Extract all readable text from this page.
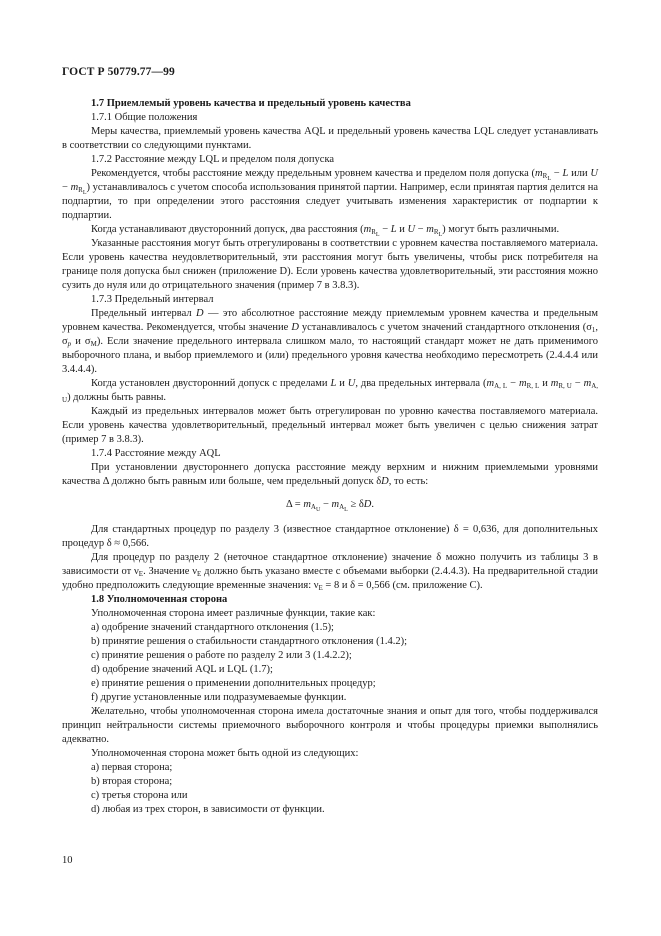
ГОСТ Р 50779.77—99

1.7 Приемлемый уровень качества и предельный уровень качества

1.7.1 Общие положения

Меры качества, приемлемый уровень качества AQL и предельный уровень качества LQL следует устанавливать в соответствии со следующими пунктами.

1.7.2 Расстояние между LQL и пределом поля допуска

Рекомендуется, чтобы расстояние между предельным уровнем качества и пределом поля допуска ($m_{R_L} - L$ или $U - m_{R_L}$) устанавливалось с учетом способа использования принятой партии. Например, если принятая партия делится на подпартии, то при определении этого расстояния следует учитывать изменения характеристик от подпартии к подпартии.

Когда устанавливают двусторонний допуск, два расстояния ($m_{R_L} - L$ и $U - m_{R_L}$) могут быть различными.

Указанные расстояния могут быть отрегулированы в соответствии с уровнем качества поставляемого материала. Если уровень качества неудовлетворительный, эти расстояния могут быть увеличены, чтобы риск потребителя на границе поля допуска был снижен (приложение D). Если уровень качества удовлетворительный, эти расстояния можно сузить до нуля или до отрицательного значения (пример 7 в 3.8.3).

1.7.3 Предельный интервал

Предельный интервал D — это абсолютное расстояние между приемлемым уровнем качества и предельным уровнем качества. Рекомендуется, чтобы значение D устанавливалось с учетом значений стандартного отклонения ($\sigma_1$, $\sigma_p$ и $\sigma_M$). Если значение предельного интервала слишком мало, то настоящий стандарт может не дать применимого выборочного плана, и выбор приемлемого и (или) предельного уровня качества необходимо пересмотреть (2.4.4.4 или 3.4.4.4).

Когда установлен двусторонний допуск с пределами L и U, два предельных интервала ($m_{A, L} - m_{R, L}$ и $m_{R, U} - m_{A, U}$) должны быть равны.

Каждый из предельных интервалов может быть отрегулирован по уровню качества поставляемого материала. Если уровень качества удовлетворительный, предельный интервал может быть увеличен с целью снижения затрат (пример 7 в 3.8.3).

1.7.4 Расстояние между AQL

При установлении двустороннего допуска расстояние между верхним и нижним приемлемыми уровнями качества Δ должно быть равным или больше, чем предельный допуск δD, то есть:

$\Delta = m_{A_U} - m_{A_L} \ge \delta D$.

Для стандартных процедур по разделу 3 (известное стандартное отклонение) δ = 0,636, для дополнительных процедур δ ≈ 0,566.

Для процедур по разделу 2 (неточное стандартное отклонение) значение δ можно получить из таблицы 3 в зависимости от $\nu_E$. Значение $\nu_E$ должно быть указано вместе с объемами выборки (2.4.4.3). На предварительной стадии удобно предположить следующие временные значения: $\nu_E = 8$ и δ = 0,566 (см. приложение C).

1.8 Уполномоченная сторона

Уполномоченная сторона имеет различные функции, такие как:

a) одобрение значений стандартного отклонения (1.5);

b) принятие решения о стабильности стандартного отклонения (1.4.2);

c) принятие решения о работе по разделу 2 или 3 (1.4.2.2);

d) одобрение значений AQL и LQL (1.7);

e) принятие решения о применении дополнительных процедур;

f) другие установленные или подразумеваемые функции.

Желательно, чтобы уполномоченная сторона имела достаточные знания и опыт для того, чтобы поддерживался принцип нейтральности системы приемочного выборочного контроля и чтобы процедуры приемки выполнялись адекватно.

Уполномоченная сторона может быть одной из следующих:

a) первая сторона;

b) вторая сторона;

c) третья сторона или

d) любая из трех сторон, в зависимости от функции.

10
